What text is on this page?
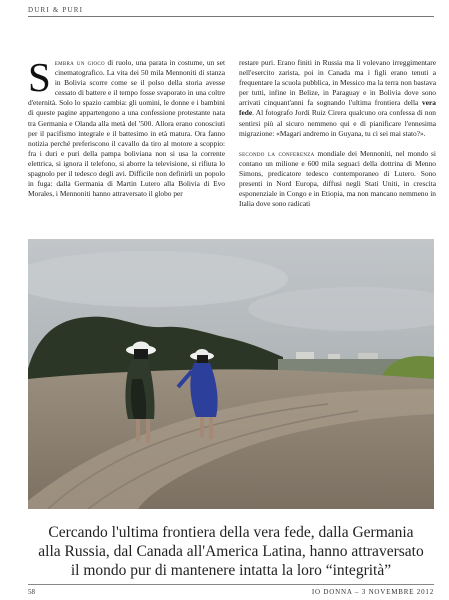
DURI & PURI

Sembra un gioco di ruolo, una parata in costume, un set cinematografico. La vita dei 50 mila Mennoniti di stanza in Bolivia scorre come se il polso della storia avesse cessato di battere e il tempo fosse svaporato in una coltre d'eternità. Solo lo spazio cambia: gli uomini, le donne e i bambini di queste pagine appartengono a una confessione protestante nata tra Germania e Olanda alla metà del '500. Allora erano conosciuti per il pacifismo integrale e il battesimo in età matura. Ora fanno notizia perché preferiscono il cavallo da tiro al motore a scoppio: fra i duri e puri della pampa boliviana non si usa la corrente elettrica, si ignora il telefono, si aborre la televisione, si rifiuta lo spagnolo per il tedesco degli avi. Difficile non definirli un popolo in fuga: dalla Germania di Martin Lutero alla Bolivia di Evo Morales, i Mennoniti hanno attraversato il globo per

restare puri. Erano finiti in Russia ma li volevano irreggimentare nell'esercito zarista, poi in Canada ma i figli erano tenuti a frequentare la scuola pubblica, in Messico ma la terra non bastava per tutti, infine in Belize, in Paraguay e in Bolivia dove sono arrivati cinquant'anni fa sognando l'ultima frontiera della vera fede. Al fotografo Jordi Ruiz Cirera qualcuno ora confessa di non sentirsi più al sicuro nemmeno qui e di pianificare l'ennesima migrazione: «Magari andremo in Guyana, tu ci sei mai stato?».

secondo la conferenza mondiale dei Mennoniti, nel mondo si contano un milione e 600 mila seguaci della dottrina di Menno Simons, predicatore tedesco contemporaneo di Lutero. Sono presenti in Nord Europa, diffusi negli Stati Uniti, in crescita esponenziale in Congo e in Etiopia, ma non mancano nemmeno in Italia dove sono radicati

Cercando l'ultima frontiera della vera fede, dalla Germania
alla Russia, dal Canada all'America Latina, hanno attraversato
il mondo pur di mantenere intatta la loro “integrità”
58	IO DONNA – 3 NOVEMBRE 2012
